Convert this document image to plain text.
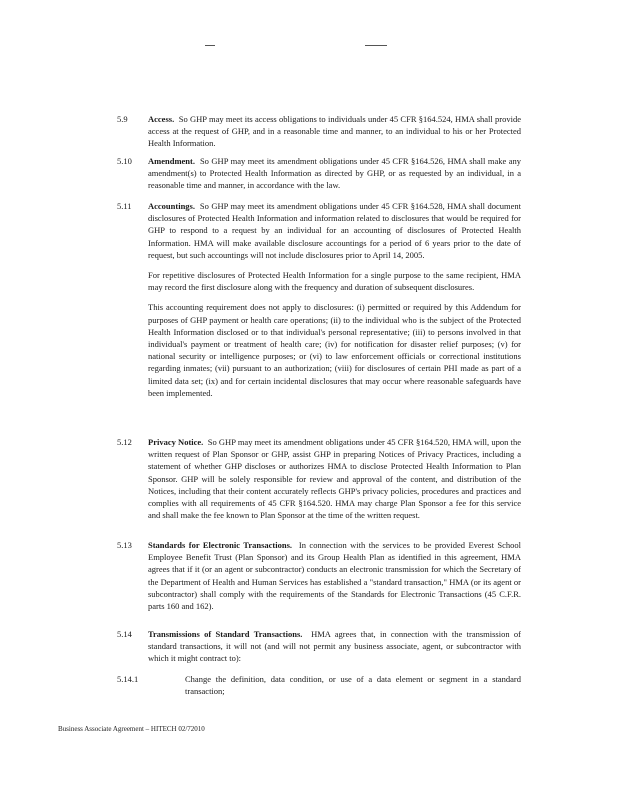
5.9 Access. So GHP may meet its access obligations to individuals under 45 CFR §164.524, HMA shall provide access at the request of GHP, and in a reasonable time and manner, to an individual to his or her Protected Health Information.

5.10 Amendment. So GHP may meet its amendment obligations under 45 CFR §164.526, HMA shall make any amendment(s) to Protected Health Information as directed by GHP, or as requested by an individual, in a reasonable time and manner, in accordance with the law.

5.11 Accountings. So GHP may meet its amendment obligations under 45 CFR §164.528, HMA shall document disclosures of Protected Health Information and information related to disclosures that would be required for GHP to respond to a request by an individual for an accounting of disclosures of Protected Health Information. HMA will make available disclosure accountings for a period of 6 years prior to the date of request, but such accountings will not include disclosures prior to April 14, 2005.

For repetitive disclosures of Protected Health Information for a single purpose to the same recipient, HMA may record the first disclosure along with the frequency and duration of subsequent disclosures.

This accounting requirement does not apply to disclosures: (i) permitted or required by this Addendum for purposes of GHP payment or health care operations; (ii) to the individual who is the subject of the Protected Health Information disclosed or to that individual's personal representative; (iii) to persons involved in that individual's payment or treatment of health care; (iv) for notification for disaster relief purposes; (v) for national security or intelligence purposes; or (vi) to law enforcement officials or correctional institutions regarding inmates; (vii) pursuant to an authorization; (viii) for disclosures of certain PHI made as part of a limited data set; (ix) and for certain incidental disclosures that may occur where reasonable safeguards have been implemented.

5.12 Privacy Notice. So GHP may meet its amendment obligations under 45 CFR §164.520, HMA will, upon the written request of Plan Sponsor or GHP, assist GHP in preparing Notices of Privacy Practices, including a statement of whether GHP discloses or authorizes HMA to disclose Protected Health Information to Plan Sponsor. GHP will be solely responsible for review and approval of the content, and distribution of the Notices, including that their content accurately reflects GHP's privacy policies, procedures and practices and complies with all requirements of 45 CFR §164.520. HMA may charge Plan Sponsor a fee for this service and shall make the fee known to Plan Sponsor at the time of the written request.

5.13 Standards for Electronic Transactions. In connection with the services to be provided Everest School Employee Benefit Trust (Plan Sponsor) and its Group Health Plan as identified in this agreement, HMA agrees that if it (or an agent or subcontractor) conducts an electronic transmission for which the Secretary of the Department of Health and Human Services has established a "standard transaction," HMA (or its agent or subcontractor) shall comply with the requirements of the Standards for Electronic Transactions (45 C.F.R. parts 160 and 162).

5.14 Transmissions of Standard Transactions. HMA agrees that, in connection with the transmission of standard transactions, it will not (and will not permit any business associate, agent, or subcontractor with which it might contract to):

5.14.1	Change the definition, data condition, or use of a data element or segment in a standard transaction;
Business Associate Agreement – HITECH 02/72010
